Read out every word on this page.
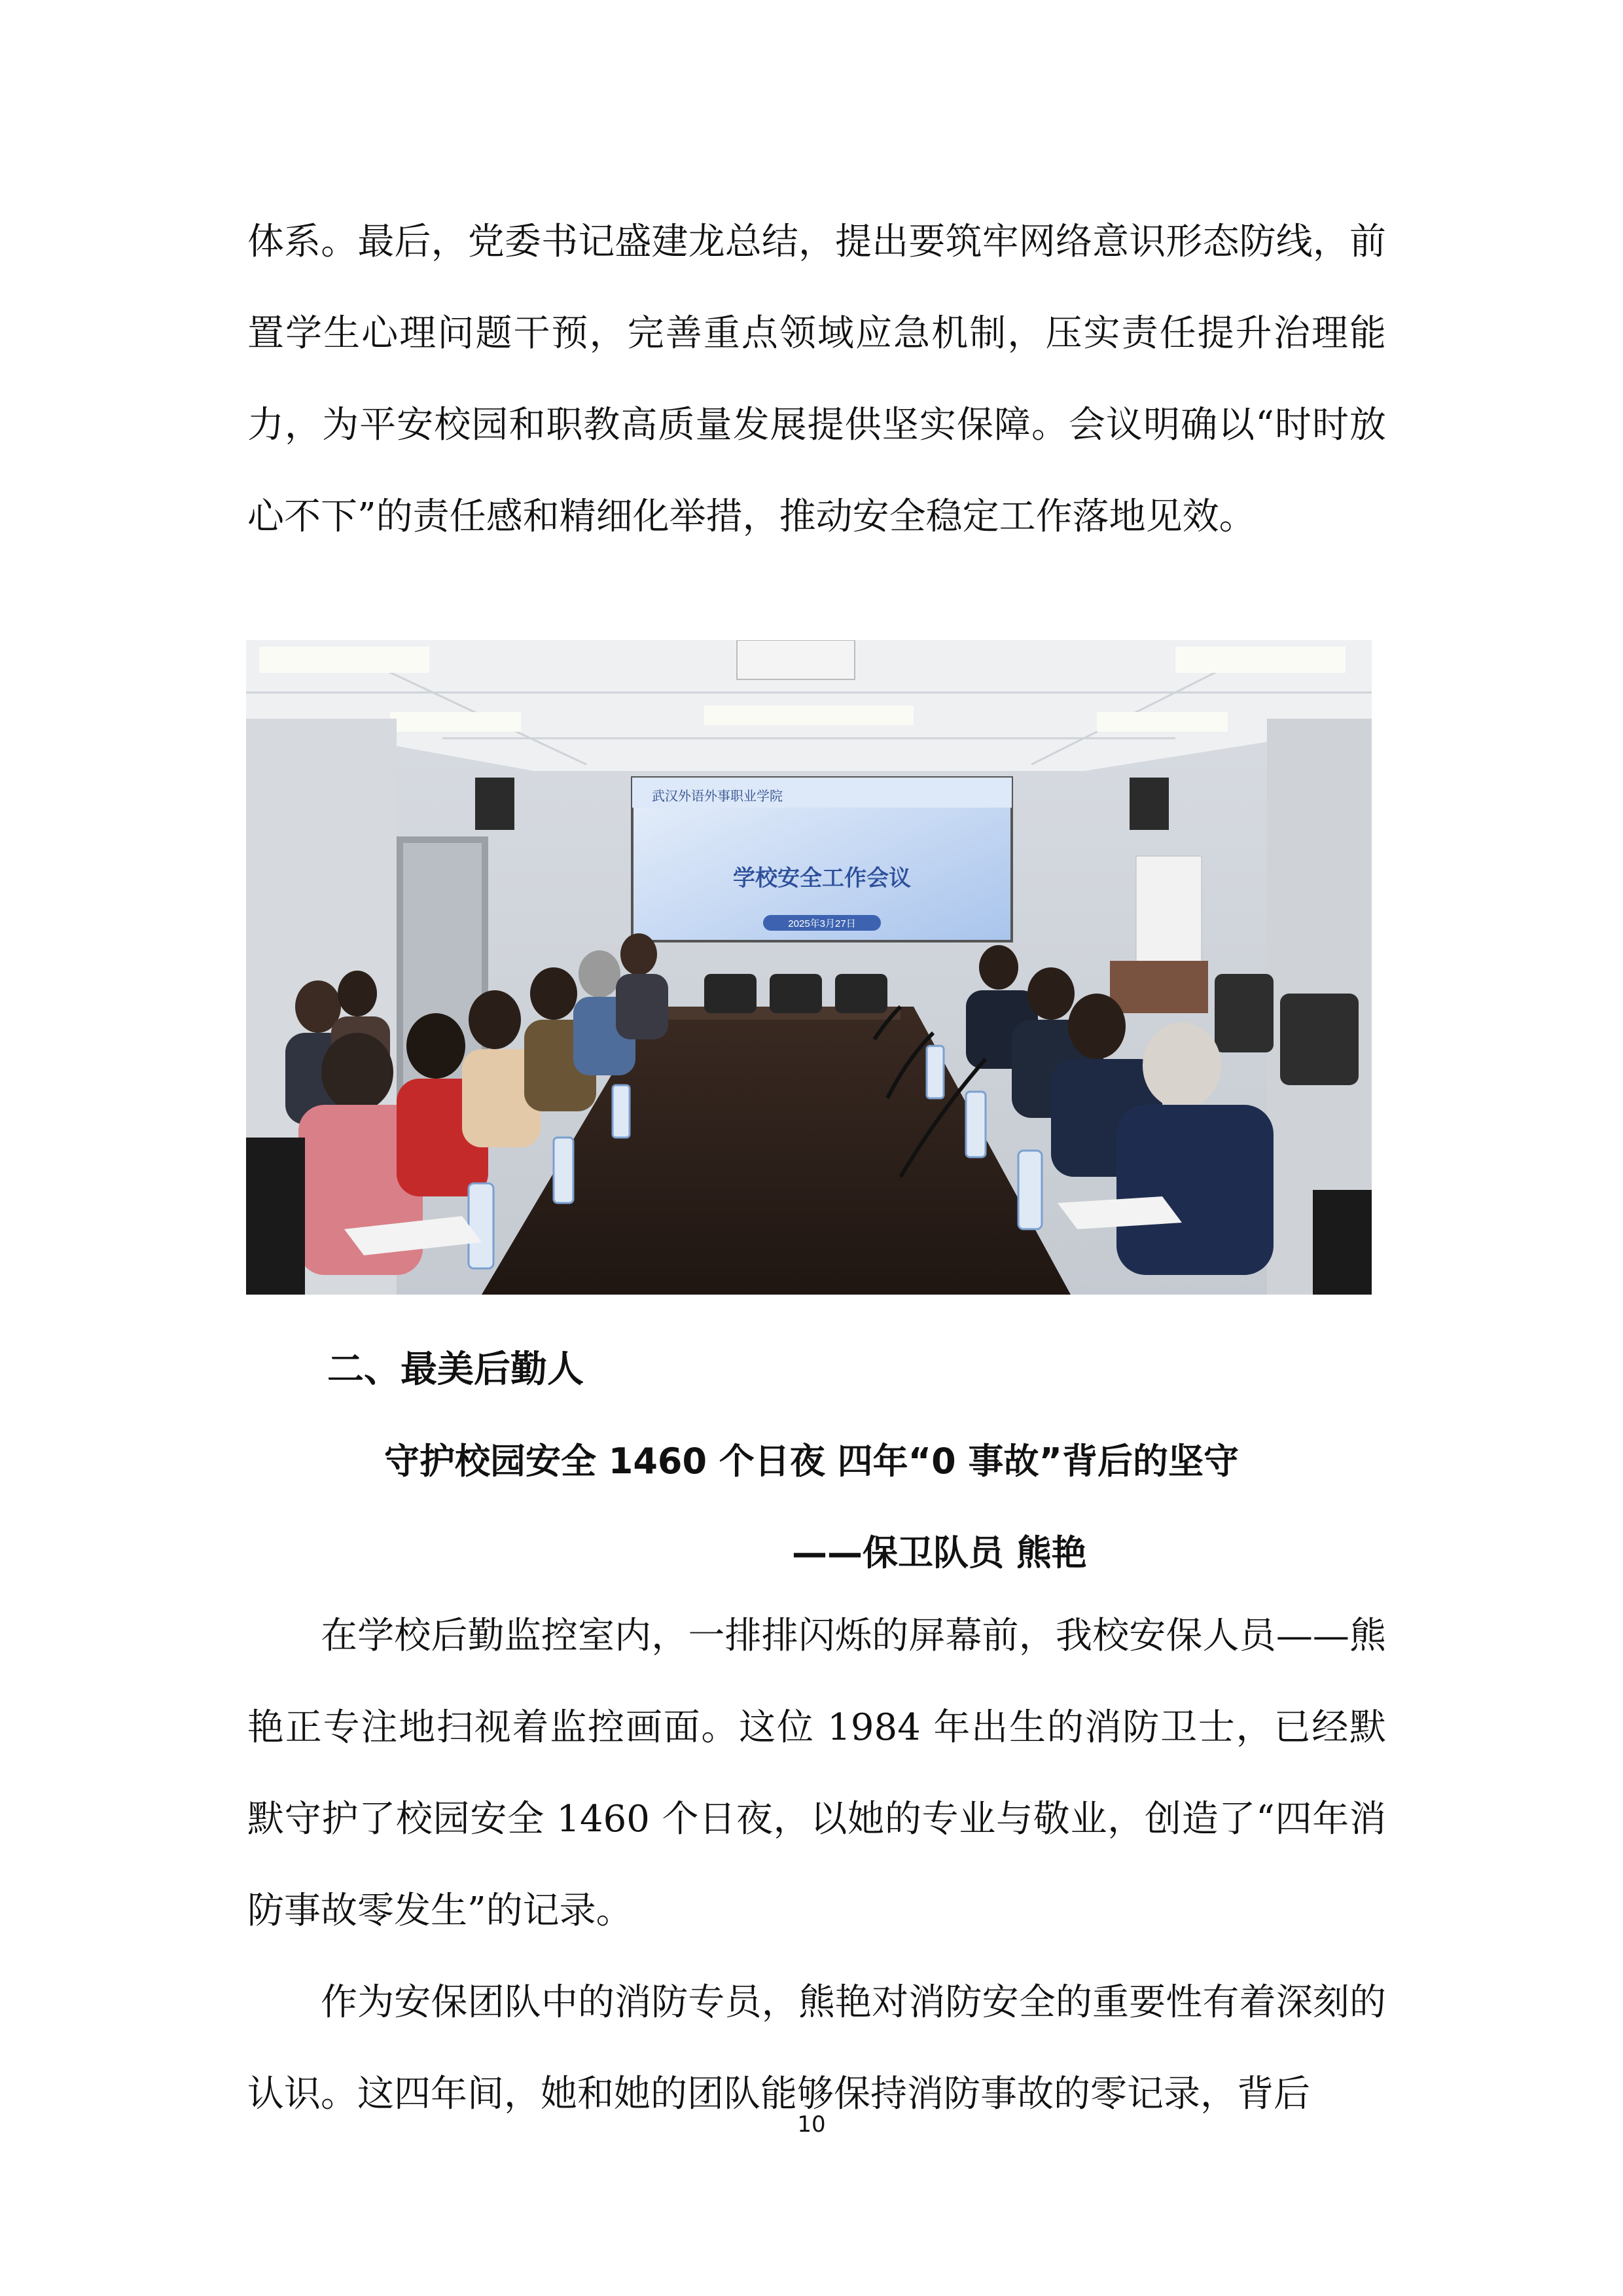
体系。最后，党委书记盛建龙总结，提出要筑牢网络意识形态防线，前置学生心理问题干预，完善重点领域应急机制，压实责任提升治理能力，为平安校园和职教高质量发展提供坚实保障。会议明确以“时时放心不下”的责任感和精细化举措，推动安全稳定工作落地见效。

武汉外语外事职业学院
学校安全工作会议
2025年3月27日

二、最美后勤人

守护校园安全 1460 个日夜 四年“0 事故”背后的坚守

——保卫队员 熊艳

在学校后勤监控室内，一排排闪烁的屏幕前，我校安保人员——熊艳正专注地扫视着监控画面。这位 1984 年出生的消防卫士，已经默默守护了校园安全 1460 个日夜，以她的专业与敬业，创造了“四年消防事故零发生”的记录。

作为安保团队中的消防专员，熊艳对消防安全的重要性有着深刻的认识。这四年间，她和她的团队能够保持消防事故的零记录，背后

10
